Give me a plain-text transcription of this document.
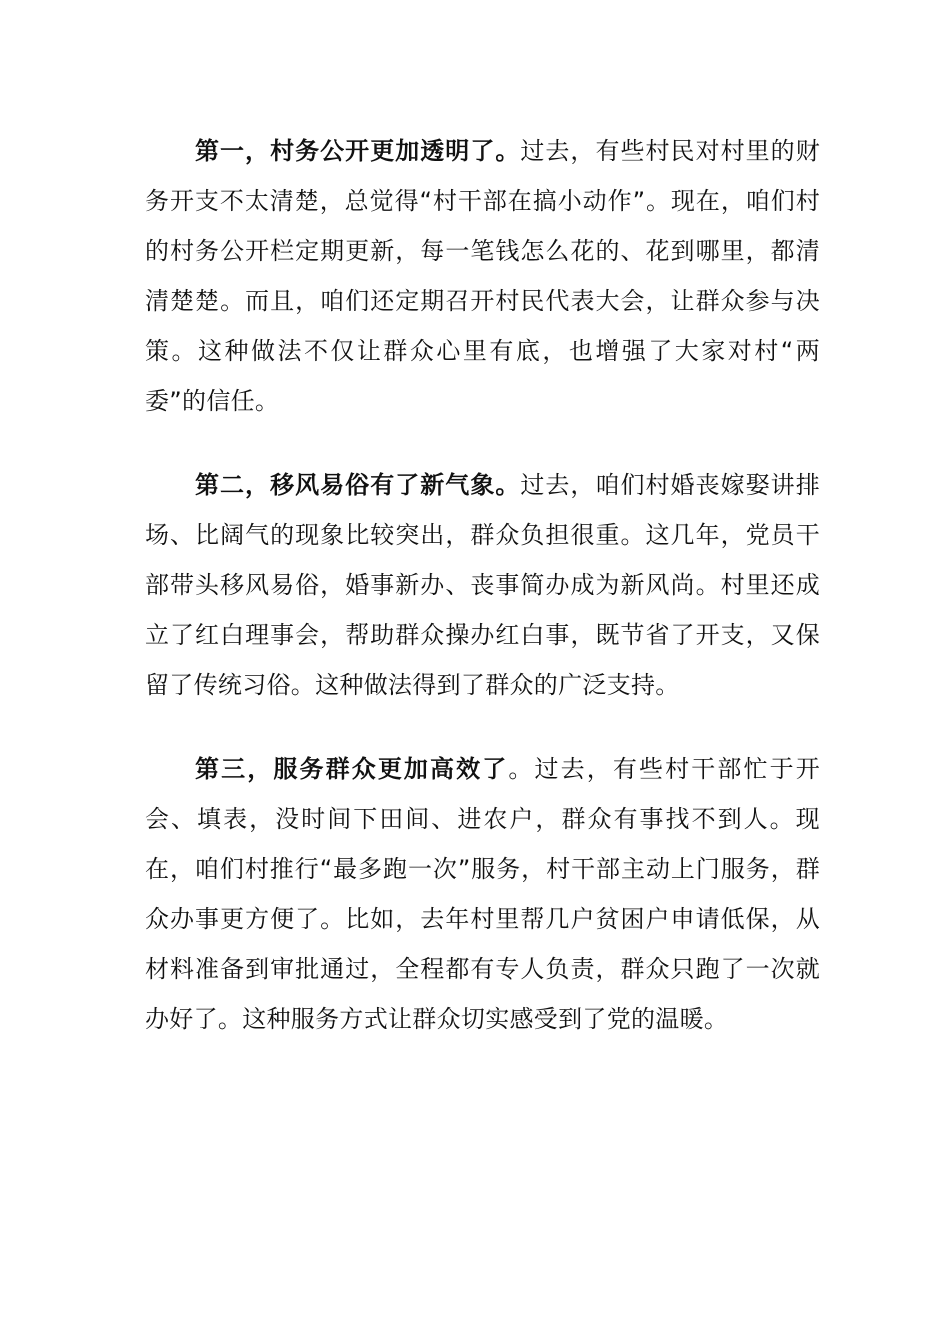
第一，村务公开更加透明了。过去，有些村民对村里的财务开支不太清楚，总觉得“村干部在搞小动作”。现在，咱们村的村务公开栏定期更新，每一笔钱怎么花的、花到哪里，都清清楚楚。而且，咱们还定期召开村民代表大会，让群众参与决策。这种做法不仅让群众心里有底，也增强了大家对村“两委”的信任。

第二，移风易俗有了新气象。过去，咱们村婚丧嫁娶讲排场、比阔气的现象比较突出，群众负担很重。这几年，党员干部带头移风易俗，婚事新办、丧事简办成为新风尚。村里还成立了红白理事会，帮助群众操办红白事，既节省了开支，又保留了传统习俗。这种做法得到了群众的广泛支持。

第三，服务群众更加高效了。过去，有些村干部忙于开会、填表，没时间下田间、进农户，群众有事找不到人。现在，咱们村推行“最多跑一次”服务，村干部主动上门服务，群众办事更方便了。比如，去年村里帮几户贫困户申请低保，从材料准备到审批通过，全程都有专人负责，群众只跑了一次就办好了。这种服务方式让群众切实感受到了党的温暖。
